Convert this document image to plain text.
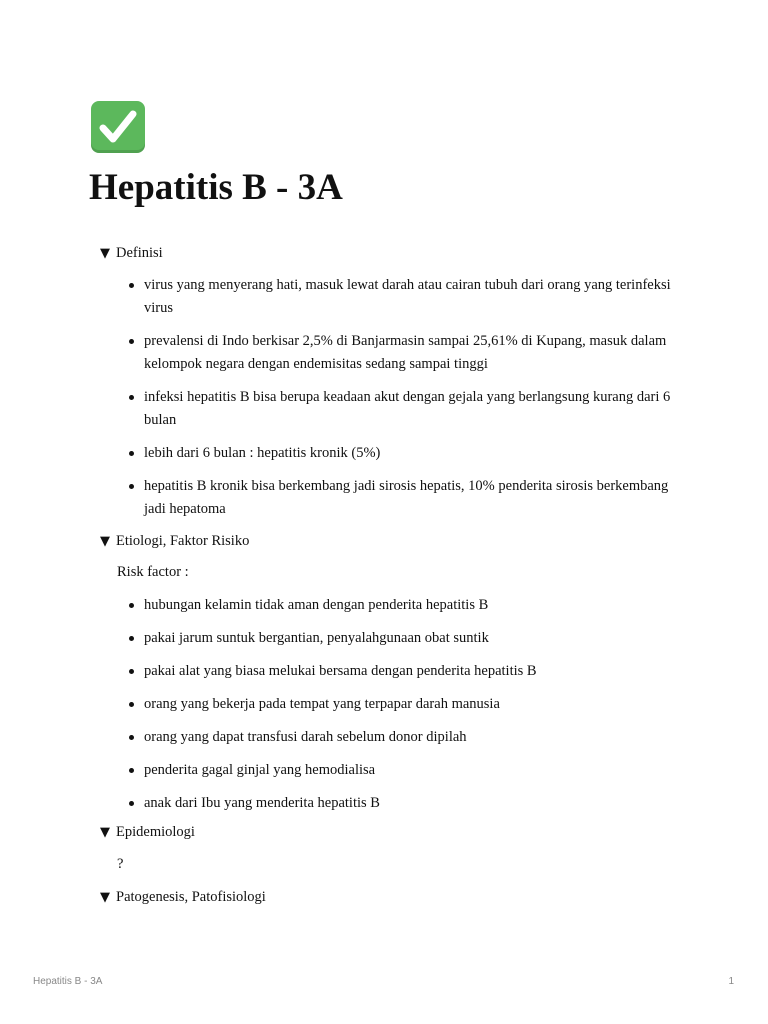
Hepatitis B - 3A
▼ Definisi
virus yang menyerang hati, masuk lewat darah atau cairan tubuh dari orang yang terinfeksi virus
prevalensi di Indo berkisar 2,5% di Banjarmasin sampai 25,61% di Kupang, masuk dalam kelompok negara dengan endemisitas sedang sampai tinggi
infeksi hepatitis B bisa berupa keadaan akut dengan gejala yang berlangsung kurang dari 6 bulan
lebih dari 6 bulan : hepatitis kronik (5%)
hepatitis B kronik bisa berkembang jadi sirosis hepatis, 10% penderita sirosis berkembang jadi hepatoma
▼ Etiologi, Faktor Risiko
Risk factor :
hubungan kelamin tidak aman dengan penderita hepatitis B
pakai jarum suntuk bergantian, penyalahgunaan obat suntik
pakai alat yang biasa melukai bersama dengan penderita hepatitis B
orang yang bekerja pada tempat yang terpapar darah manusia
orang yang dapat transfusi darah sebelum donor dipilah
penderita gagal ginjal yang hemodialisa
anak dari Ibu yang menderita hepatitis B
▼ Epidemiologi
?
▼ Patogenesis, Patofisiologi
Hepatitis B - 3A	1
